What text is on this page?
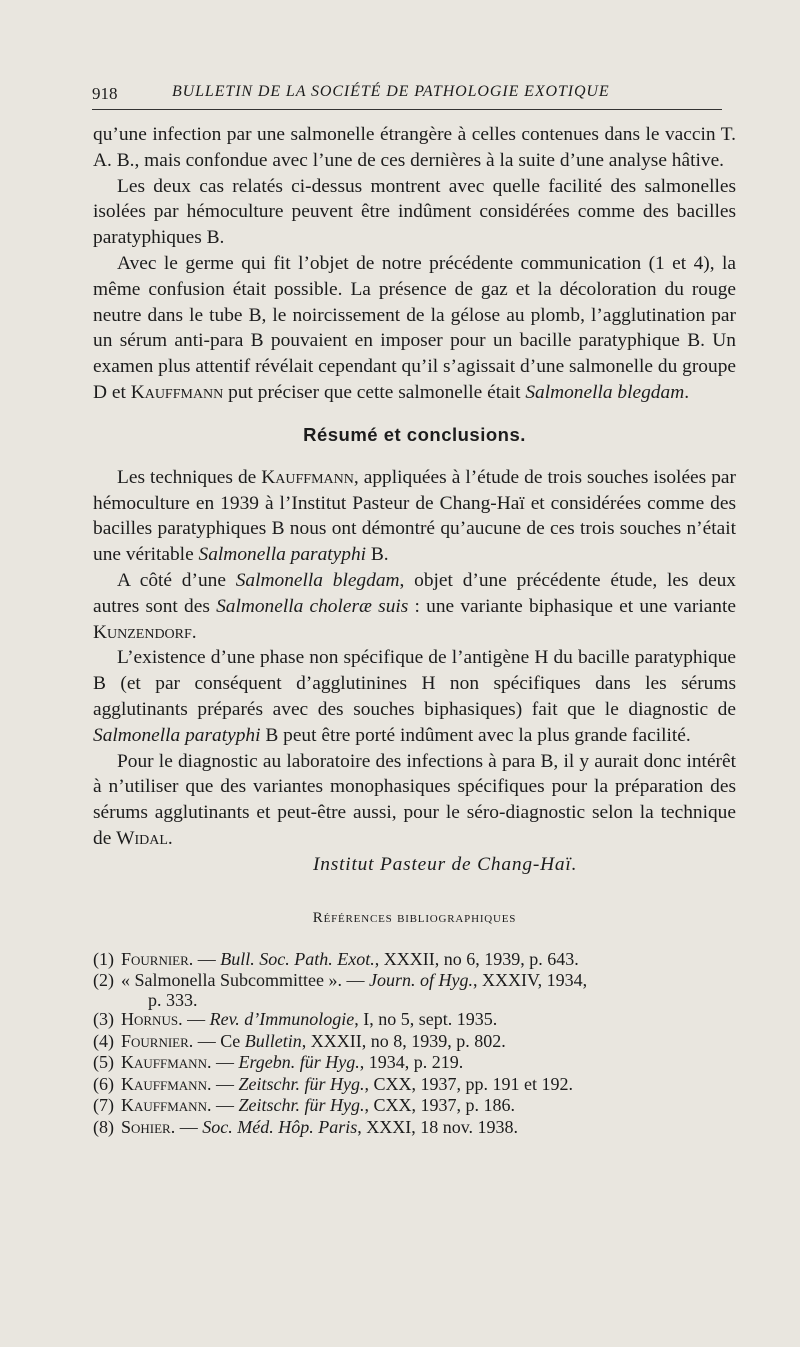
918	BULLETIN DE LA SOCIÉTÉ DE PATHOLOGIE EXOTIQUE

qu’une infection par une salmonelle étrangère à celles contenues dans le vaccin T. A. B., mais confondue avec l’une de ces dernières à la suite d’une analyse hâtive.

Les deux cas relatés ci-dessus montrent avec quelle facilité des salmonelles isolées par hémoculture peuvent être indûment considérées comme des bacilles paratyphiques B.

Avec le germe qui fit l’objet de notre précédente communication (1 et 4), la même confusion était possible. La présence de gaz et la décoloration du rouge neutre dans le tube B, le noircissement de la gélose au plomb, l’agglutination par un sérum anti-para B pouvaient en imposer pour un bacille paratyphique B. Un examen plus attentif révélait cependant qu’il s’agissait d’une salmonelle du groupe D et Kauffmann put préciser que cette salmonelle était Salmonella blegdam.

Résumé et conclusions.

Les techniques de Kauffmann, appliquées à l’étude de trois souches isolées par hémoculture en 1939 à l’Institut Pasteur de Chang-Haï et considérées comme des bacilles paratyphiques B nous ont démontré qu’aucune de ces trois souches n’était une véritable Salmonella paratyphi B.

A côté d’une Salmonella blegdam, objet d’une précédente étude, les deux autres sont des Salmonella choleræ suis : une variante biphasique et une variante Kunzendorf.

L’existence d’une phase non spécifique de l’antigène H du bacille paratyphique B (et par conséquent d’agglutinines H non spécifiques dans les sérums agglutinants préparés avec des souches biphasiques) fait que le diagnostic de Salmonella paratyphi B peut être porté indûment avec la plus grande facilité.

Pour le diagnostic au laboratoire des infections à para B, il y aurait donc intérêt à n’utiliser que des variantes monophasiques spécifiques pour la préparation des sérums agglutinants et peut-être aussi, pour le séro-diagnostic selon la technique de Widal.

Institut Pasteur de Chang-Haï.

Références bibliographiques
(1) Fournier. — Bull. Soc. Path. Exot., XXXII, no 6, 1939, p. 643.
(2) « Salmonella Subcommittee ». — Journ. of Hyg., XXXIV, 1934,
p. 333.
(3) Hornus. — Rev. d’Immunologie, I, no 5, sept. 1935.
(4) Fournier. — Ce Bulletin, XXXII, no 8, 1939, p. 802.
(5) Kauffmann. — Ergebn. für Hyg., 1934, p. 219.
(6) Kauffmann. — Zeitschr. für Hyg., CXX, 1937, pp. 191 et 192.
(7) Kauffmann. — Zeitschr. für Hyg., CXX, 1937, p. 186.
(8) Sohier. — Soc. Méd. Hôp. Paris, XXXI, 18 nov. 1938.
